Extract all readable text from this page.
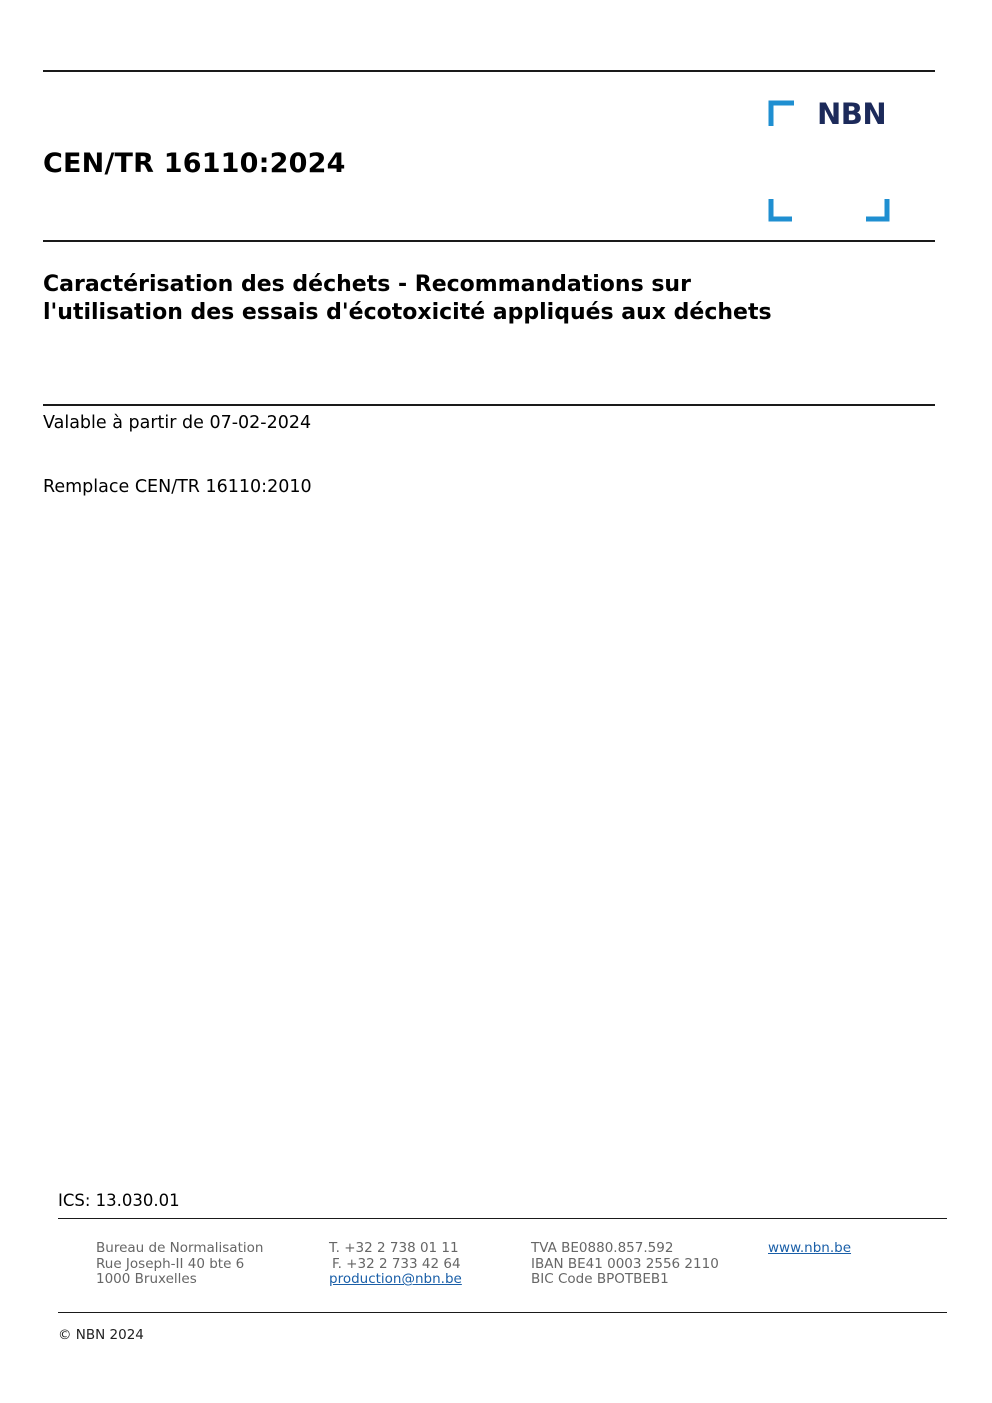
CEN/TR 16110:2024
NBN
Caractérisation des déchets - Recommandations sur
l'utilisation des essais d'écotoxicité appliqués aux déchets
Valable à partir de 07-02-2024
Remplace CEN/TR 16110:2010
ICS: 13.030.01
Bureau de Normalisation
Rue Joseph-II 40 bte 6
1000 Bruxelles
T. +32 2 738 01 11
F. +32 2 733 42 64
production@nbn.be
TVA BE0880.857.592
IBAN BE41 0003 2556 2110
BIC Code BPOTBEB1
www.nbn.be
© NBN 2024
